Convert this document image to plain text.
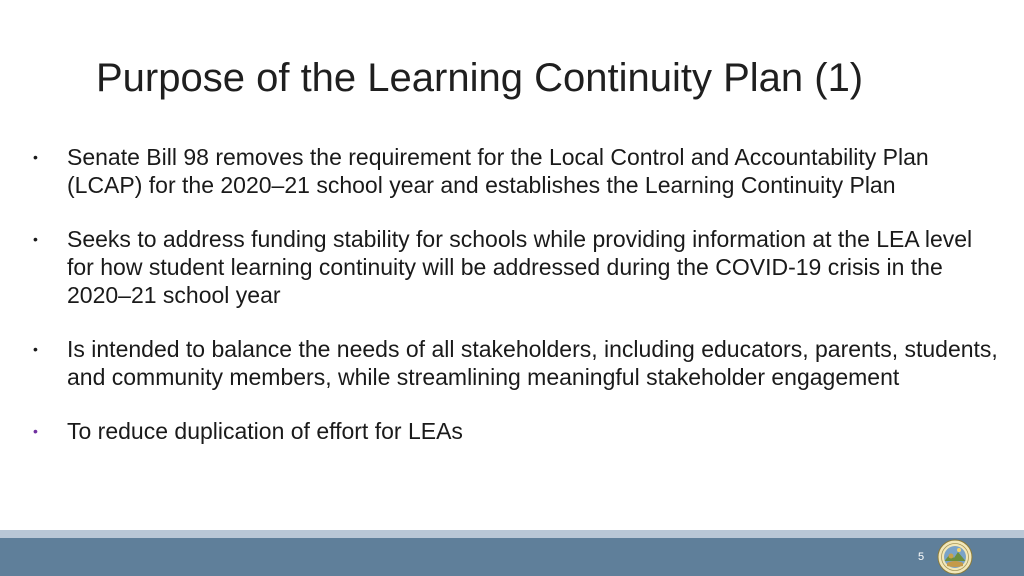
Purpose of the Learning Continuity Plan (1)
• Senate Bill 98 removes the requirement for the Local Control and Accountability Plan (LCAP) for the 2020–21 school year and establishes the Learning Continuity Plan
• Seeks to address funding stability for schools while providing information at the LEA level for how student learning continuity will be addressed during the COVID-19 crisis in the 2020–21 school year
• Is intended to balance the needs of all stakeholders, including educators, parents, students, and community members, while streamlining meaningful stakeholder engagement
• To reduce duplication of effort for LEAs
5
